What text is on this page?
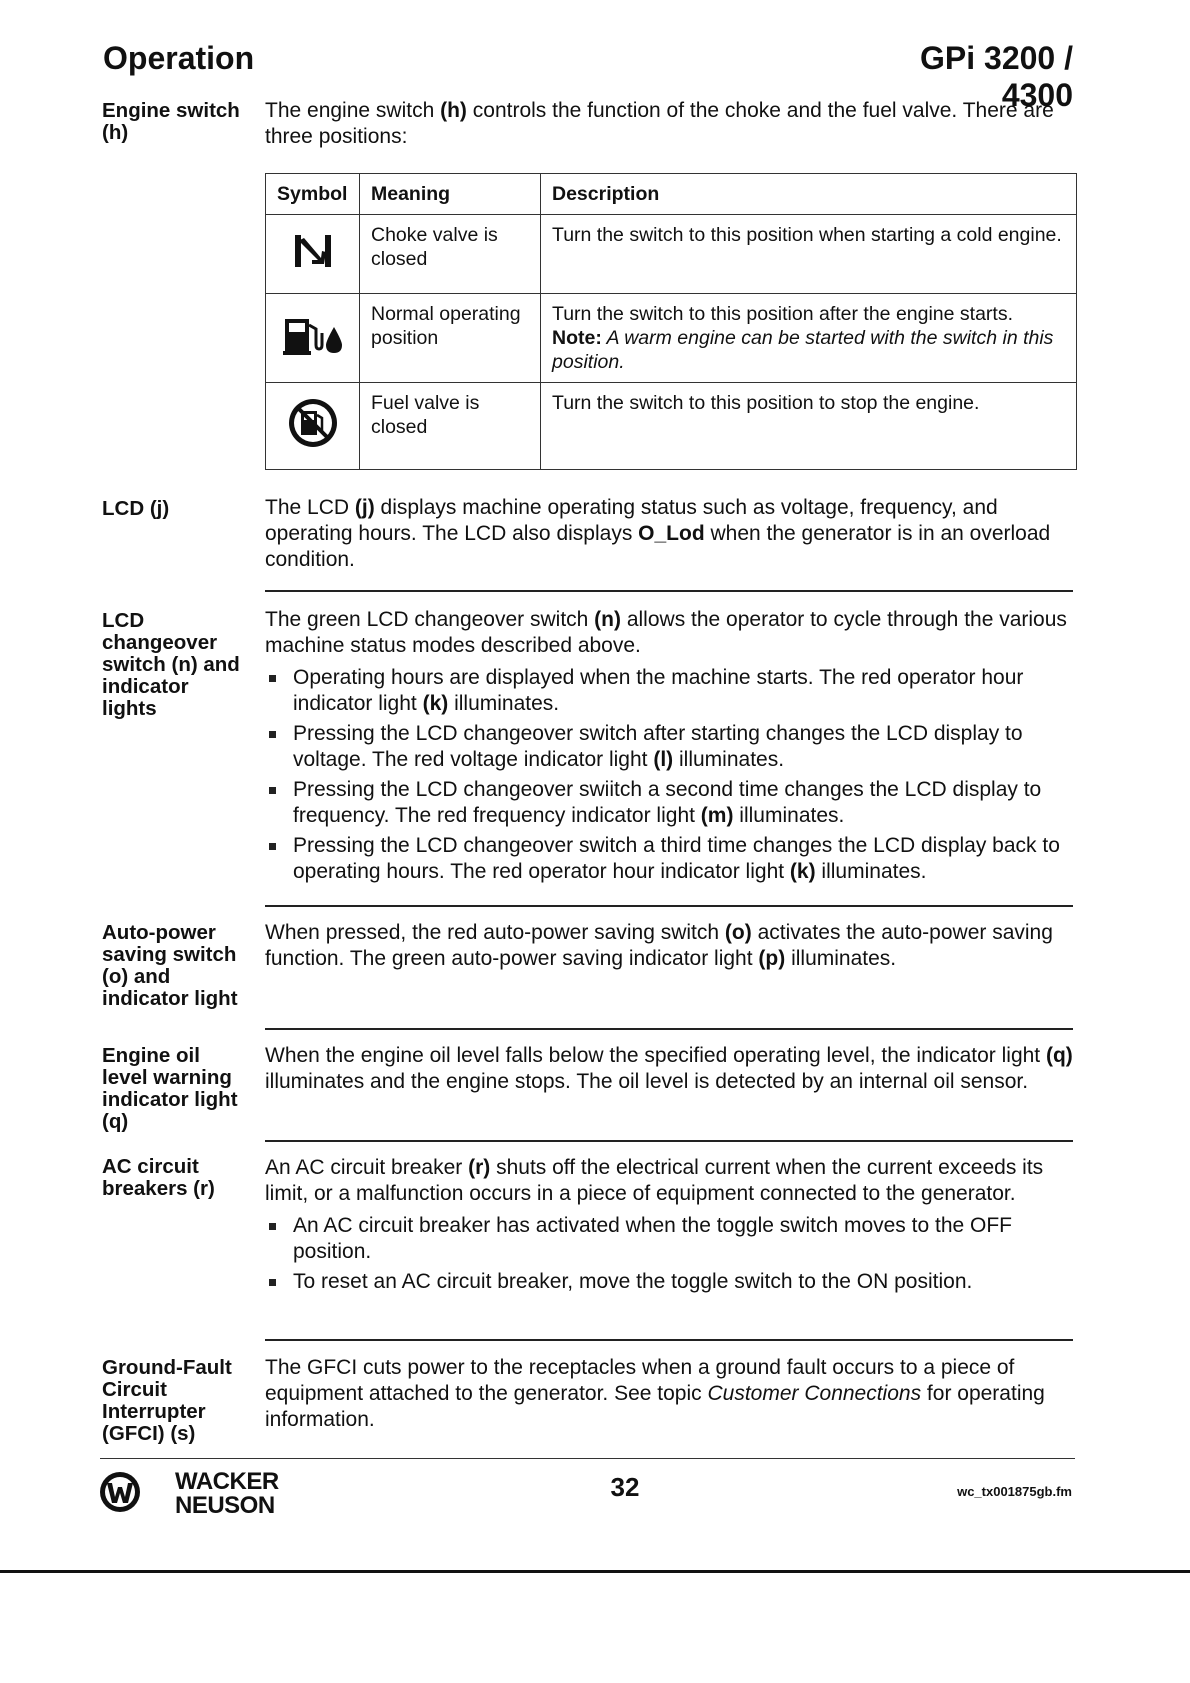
Operation	GPi 3200 / 4300
Engine switch (h)
The engine switch (h) controls the function of the choke and the fuel valve. There are three positions:
Symbol	Meaning	Description
	Choke valve is closed	Turn the switch to this position when starting a cold engine.
	Normal operating position	Turn the switch to this position after the engine starts.
Note: A warm engine can be started with the switch in this position.

	Fuel valve is closed	Turn the switch to this position to stop the engine.
LCD (j)	The LCD (j) displays machine operating status such as voltage, frequency, and operating hours. The LCD also displays O_Lod when the generator is in an overload condition.
LCD changeover switch (n) and indicator lights
The green LCD changeover switch (n) allows the operator to cycle through the various machine status modes described above.
Operating hours are displayed when the machine starts. The red operator hour indicator light (k) illuminates.
Pressing the LCD changeover switch after starting changes the LCD display to voltage. The red voltage indicator light (l) illuminates.
Pressing the LCD changeover swiitch a second time changes the LCD display to frequency. The red frequency indicator light (m) illuminates.
Pressing the LCD changeover switch a third time changes the LCD display back to operating hours. The red operator hour indicator light (k) illuminates.
Auto-power saving switch (o) and indicator light
When pressed, the red auto-power saving switch (o) activates the auto-power saving function. The green auto-power saving indicator light (p) illuminates.
Engine oil level warning indicator light (q)
When the engine oil level falls below the specified operating level, the indicator light (q) illuminates and the engine stops. The oil level is detected by an internal oil sensor.
AC circuit breakers (r)
An AC circuit breaker (r) shuts off the electrical current when the current exceeds its limit, or a malfunction occurs in a piece of equipment connected to the generator.
An AC circuit breaker has activated when the toggle switch moves to the OFF position.
To reset an AC circuit breaker, move the toggle switch to the ON position.
Ground-Fault Circuit Interrupter (GFCI) (s)
The GFCI cuts power to the receptacles when a ground fault occurs to a piece of equipment attached to the generator. See topic Customer Connections for operating information.
WACKER
NEUSON
32	wc_tx001875gb.fm
